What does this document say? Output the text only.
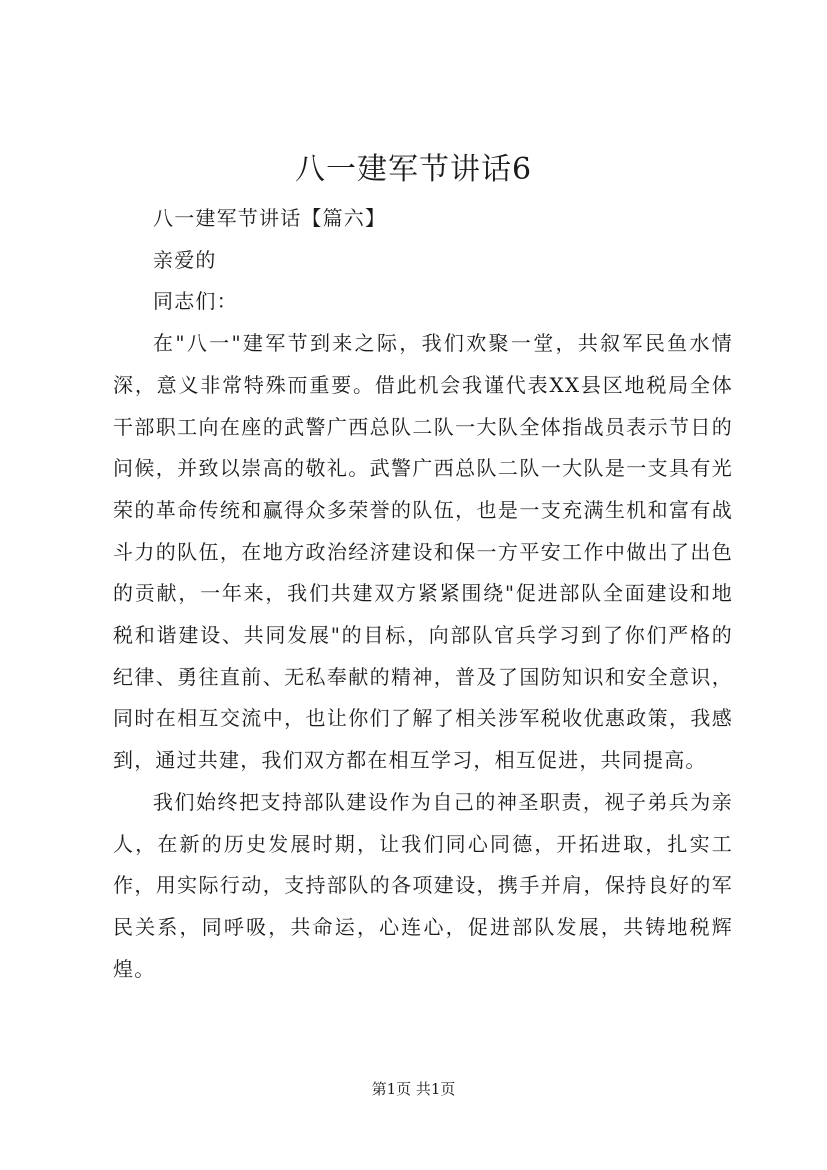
八一建军节讲话6

八一建军节讲话【篇六】

亲爱的

同志们：

在"八一"建军节到来之际，我们欢聚一堂，共叙军民鱼水情深，意义非常特殊而重要。借此机会我谨代表XX县区地税局全体干部职工向在座的武警广西总队二队一大队全体指战员表示节日的问候，并致以崇高的敬礼。武警广西总队二队一大队是一支具有光荣的革命传统和赢得众多荣誉的队伍，也是一支充满生机和富有战斗力的队伍，在地方政治经济建设和保一方平安工作中做出了出色的贡献，一年来，我们共建双方紧紧围绕"促进部队全面建设和地税和谐建设、共同发展"的目标，向部队官兵学习到了你们严格的纪律、勇往直前、无私奉献的精神，普及了国防知识和安全意识，同时在相互交流中，也让你们了解了相关涉军税收优惠政策，我感到，通过共建，我们双方都在相互学习，相互促进，共同提高。

我们始终把支持部队建设作为自己的神圣职责，视子弟兵为亲人，在新的历史发展时期，让我们同心同德，开拓进取，扎实工作，用实际行动，支持部队的各项建设，携手并肩，保持良好的军民关系，同呼吸，共命运，心连心，促进部队发展，共铸地税辉煌。

第1页 共1页
